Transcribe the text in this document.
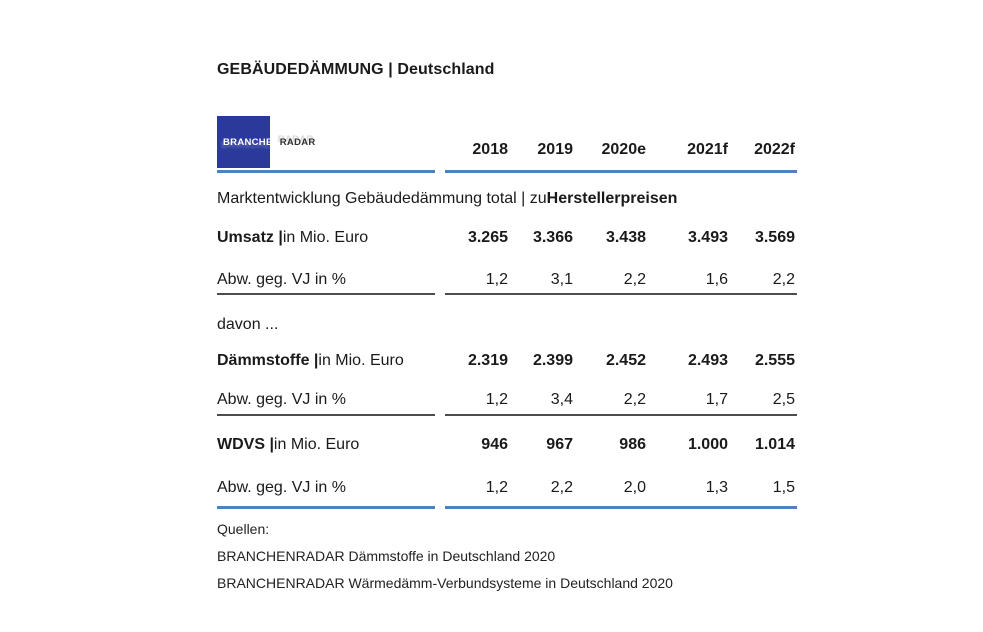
GEBÄUDEDÄMMUNG | Deutschland
BRANCHENRADAR	2018	2019	2020e	2021f	2022f
Marktentwicklung Gebäudedämmung total | zu Herstellerpreisen
Umsatz | in Mio. Euro	3.265	3.366	3.438	3.493	3.569
Abw. geg. VJ in %	1,2	3,1	2,2	1,6	2,2
davon ...
Dämmstoffe | in Mio. Euro	2.319	2.399	2.452	2.493	2.555
Abw. geg. VJ in %	1,2	3,4	2,2	1,7	2,5
WDVS | in Mio. Euro	946	967	986	1.000	1.014
Abw. geg. VJ in %	1,2	2,2	2,0	1,3	1,5
Quellen:
BRANCHENRADAR Dämmstoffe in Deutschland 2020
BRANCHENRADAR Wärmedämm-Verbundsysteme in Deutschland 2020
